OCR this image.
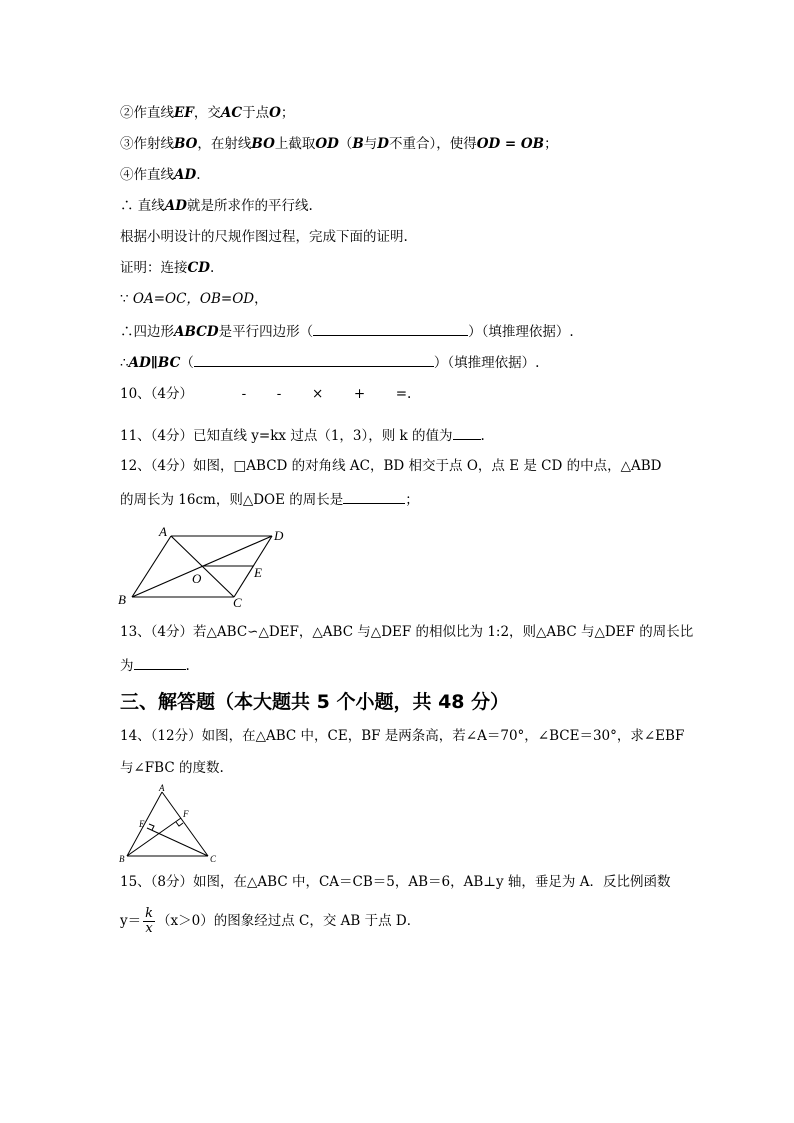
②作直线EF，交AC于点O；
③作射线BO，在射线BO上截取OD（B与D不重合），使得OD = OB；
④作直线AD.
∴ 直线AD就是所求作的平行线.
根据小明设计的尺规作图过程，完成下面的证明.
证明：连接CD.
∵ OA=OC，OB=OD，
∴四边形ABCD是平行四边形（	）（填推理依据）.
∴AD∥BC（	）（填推理依据）.
10、（4分）	- - × + =.
11、（4分）已知直线 y=kx 过点（1，3），则 k 的值为 .
12、（4分）如图，□ABCD 的对角线 AC，BD 相交于点 O，点 E 是 CD 的中点，△ABD
的周长为 16cm，则△DOE 的周长是	；
A	D
B	C
O	E
13、（4分）若△ABC∽△DEF，△ABC 与△DEF 的相似比为 1:2，则△ABC 与△DEF 的周长比
为	.
三、解答题（本大题共 5 个小题，共 48 分）
14、（12分）如图，在△ABC 中，CE，BF 是两条高，若∠A＝70°，∠BCE＝30°，求∠EBF
与∠FBC 的度数.
A
E
F
B	C
15、（8分）如图，在△ABC 中，CA＝CB＝5，AB＝6，AB⊥y 轴，垂足为 A．反比例函数
$y= \frac{k}{x} (x>0)$的图象经过点 C，交 AB 于点 D．
